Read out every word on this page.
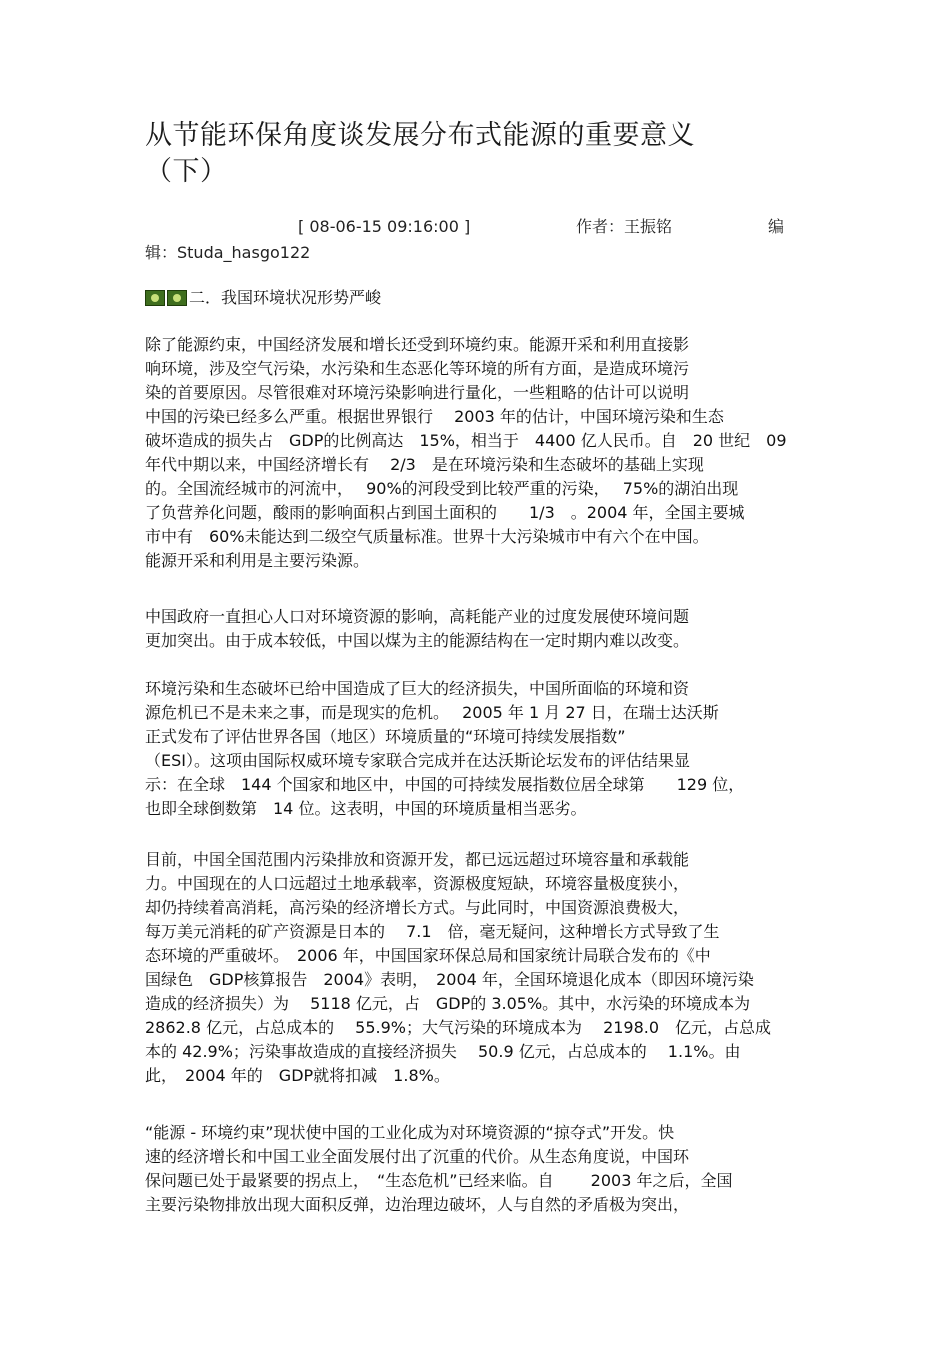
从节能环保角度谈发展分布式能源的重要意义
（下）
[ 08-06-15 09:16:00 ]	作者：王振铭	编
辑：Studa_hasgo122
二．我国环境状况形势严峻
除了能源约束，中国经济发展和增长还受到环境约束。能源开采和利用直接影
响环境，涉及空气污染，水污染和生态恶化等环境的所有方面，是造成环境污
染的首要原因。尽管很难对环境污染影响进行量化，一些粗略的估计可以说明
中国的污染已经多么严重。根据世界银行　 2003 年的估计，中国环境污染和生态
破坏造成的损失占　GDP的比例高达　15%，相当于　4400 亿人民币。自　20 世纪　09
年代中期以来，中国经济增长有　 2/3　是在环境污染和生态破坏的基础上实现
的。全国流经城市的河流中，　 90%的河段受到比较严重的污染，　 75%的湖泊出现
了负营养化问题，酸雨的影响面积占到国土面积的　　1/3　。2004 年，全国主要城
市中有　60%未能达到二级空气质量标准。世界十大污染城市中有六个在中国。
能源开采和利用是主要污染源。
中国政府一直担心人口对环境资源的影响，高耗能产业的过度发展使环境问题
更加突出。由于成本较低，中国以煤为主的能源结构在一定时期内难以改变。
环境污染和生态破坏已给中国造成了巨大的经济损失，中国所面临的环境和资
源危机已不是未来之事，而是现实的危机。　 2005 年 1 月 27 日，在瑞士达沃斯
正式发布了评估世界各国（地区）环境质量的“环境可持续发展指数”
（ESI）。这项由国际权威环境专家联合完成并在达沃斯论坛发布的评估结果显
示：在全球　144 个国家和地区中，中国的可持续发展指数位居全球第　　129 位，
也即全球倒数第　14 位。这表明，中国的环境质量相当恶劣。
目前，中国全国范围内污染排放和资源开发，都已远远超过环境容量和承载能
力。中国现在的人口远超过土地承载率，资源极度短缺，环境容量极度狭小，
却仍持续着高消耗，高污染的经济增长方式。与此同时，中国资源浪费极大，
每万美元消耗的矿产资源是日本的　 7.1　倍，毫无疑问，这种增长方式导致了生
态环境的严重破坏。　2006 年，中国国家环保总局和国家统计局联合发布的《中
国绿色　GDP核算报告　2004》表明，　2004 年，全国环境退化成本（即因环境污染
造成的经济损失）为　 5118 亿元，占　GDP的 3.05%。其中，水污染的环境成本为
2862.8 亿元，占总成本的　 55.9%；大气污染的环境成本为　 2198.0　亿元，占总成
本的 42.9%；污染事故造成的直接经济损失　 50.9 亿元，占总成本的　 1.1%。由
此，　2004 年的　GDP就将扣减　1.8%。
“能源 - 环境约束”现状使中国的工业化成为对环境资源的“掠夺式”开发。快
速的经济增长和中国工业全面发展付出了沉重的代价。从生态角度说，中国环
保问题已处于最紧要的拐点上，　“生态危机”已经来临。自　　 2003 年之后，全国
主要污染物排放出现大面积反弹，边治理边破坏，人与自然的矛盾极为突出，
